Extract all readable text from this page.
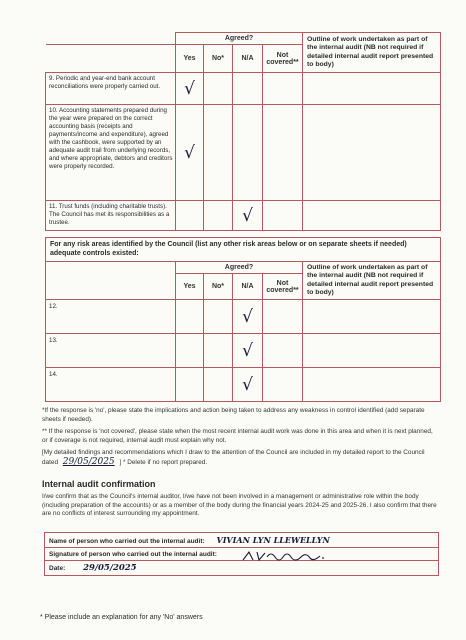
	Agreed?				Outline of work undertaken as part of the internal audit (NB not required if detailed internal audit report presented to body)
	Yes	No*	N/A	Not covered**	
9. Periodic and year-end bank account reconciliations were properly carried out.	√				
10. Accounting statements prepared during the year were prepared on the correct accounting basis (receipts and payments/income and expenditure), agreed with the cashbook, were supported by an adequate audit trail from underlying records, and where appropriate, debtors and creditors were properly recorded.	√				
11. Trust funds (including charitable trusts). The Council has met its responsibilities as a trustee.			√		
For any risk areas identified by the Council (list any other risk areas below or on separate sheets if needed) adequate controls existed:					
	Agreed?				Outline of work undertaken as part of the internal audit (NB not required if detailed internal audit report presented to body)
	Yes	No*	N/A	Not covered**	
12.			√		
13.			√		
14.			√		
*If the response is 'no', please state the implications and action being taken to address any weakness in control identified (add separate sheets if needed).
** If the response is 'not covered', please state when the most recent internal audit work was done in this area and when it is next planned, or if coverage is not required, internal audit must explain why not.
[My detailed findings and recommendations which I draw to the attention of the Council are included in my detailed report to the Council dated 29/05/2025 ] * Delete if no report prepared.
Internal audit confirmation
I/we confirm that as the Council's internal auditor, I/we have not been involved in a management or administrative role within the body (including preparation of the accounts) or as a member of the body during the financial years 2024-25 and 2025-26. I also confirm that there are no conflicts of interest surrounding my appointment.
Name of person who carried out the internal audit: VIVIAN LYN LLEWELLYN
Signature of person who carried out the internal audit:

Date: 29/05/2025
* Please include an explanation for any 'No' answers
